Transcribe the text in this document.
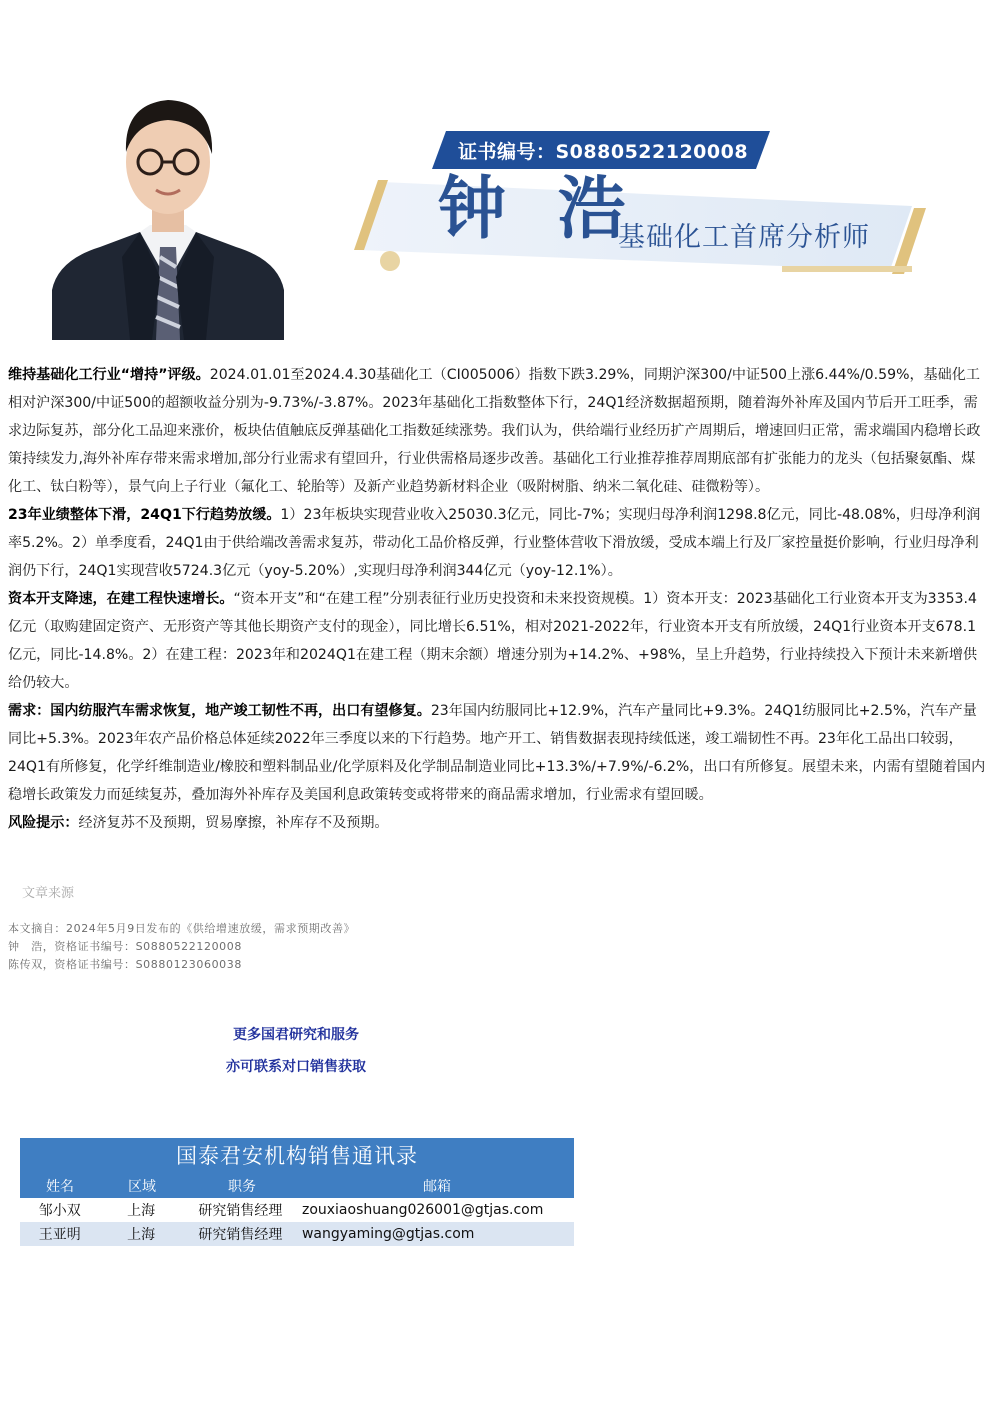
证书编号：S0880522120008
钟 浩
基础化工首席分析师

维持基础化工行业“增持”评级。2024.01.01至2024.4.30基础化工（CI005006）指数下跌3.29%，同期沪深300/中证500上涨6.44%/0.59%，基础化工相对沪深300/中证500的超额收益分别为-9.73%/-3.87%。2023年基础化工指数整体下行，24Q1经济数据超预期，随着海外补库及国内节后开工旺季，需求边际复苏，部分化工品迎来涨价，板块估值触底反弹基础化工指数延续涨势。我们认为，供给端行业经历扩产周期后，增速回归正常，需求端国内稳增长政策持续发力,海外补库存带来需求增加,部分行业需求有望回升，行业供需格局逐步改善。基础化工行业推荐推荐周期底部有扩张能力的龙头（包括聚氨酯、煤化工、钛白粉等），景气向上子行业（氟化工、轮胎等）及新产业趋势新材料企业（吸附树脂、纳米二氧化硅、硅微粉等）。

23年业绩整体下滑，24Q1下行趋势放缓。1）23年板块实现营业收入25030.3亿元，同比-7%；实现归母净利润1298.8亿元，同比-48.08%，归母净利润率5.2%。2）单季度看，24Q1由于供给端改善需求复苏，带动化工品价格反弹，行业整体营收下滑放缓，受成本端上行及厂家控量挺价影响，行业归母净利润仍下行，24Q1实现营收5724.3亿元（yoy-5.20%）,实现归母净利润344亿元（yoy-12.1%）。

资本开支降速，在建工程快速增长。“资本开支”和“在建工程”分别表征行业历史投资和未来投资规模。1）资本开支：2023基础化工行业资本开支为3353.4亿元（取购建固定资产、无形资产等其他长期资产支付的现金），同比增长6.51%，相对2021-2022年，行业资本开支有所放缓，24Q1行业资本开支678.1亿元，同比-14.8%。2）在建工程：2023年和2024Q1在建工程（期末余额）增速分别为+14.2%、+98%，呈上升趋势，行业持续投入下预计未来新增供给仍较大。

需求：国内纺服汽车需求恢复，地产竣工韧性不再，出口有望修复。23年国内纺服同比+12.9%，汽车产量同比+9.3%。24Q1纺服同比+2.5%，汽车产量同比+5.3%。2023年农产品价格总体延续2022年三季度以来的下行趋势。地产开工、销售数据表现持续低迷，竣工端韧性不再。23年化工品出口较弱，24Q1有所修复，化学纤维制造业/橡胶和塑料制品业/化学原料及化学制品制造业同比+13.3%/+7.9%/-6.2%，出口有所修复。展望未来，内需有望随着国内稳增长政策发力而延续复苏，叠加海外补库存及美国利息政策转变或将带来的商品需求增加，行业需求有望回暖。

风险提示：经济复苏不及预期，贸易摩擦，补库存不及预期。

文章来源
本文摘自：2024年5月9日发布的《供给增速放缓，需求预期改善》
钟　浩，资格证书编号：S0880522120008
陈传双，资格证书编号：S0880123060038
更多国君研究和服务
亦可联系对口销售获取
国泰君安机构销售通讯录
姓名	区域	职务	邮箱
邹小双	上海	研究销售经理	zouxiaoshuang026001@gtjas.com
王亚明	上海	研究销售经理	wangyaming@gtjas.com
